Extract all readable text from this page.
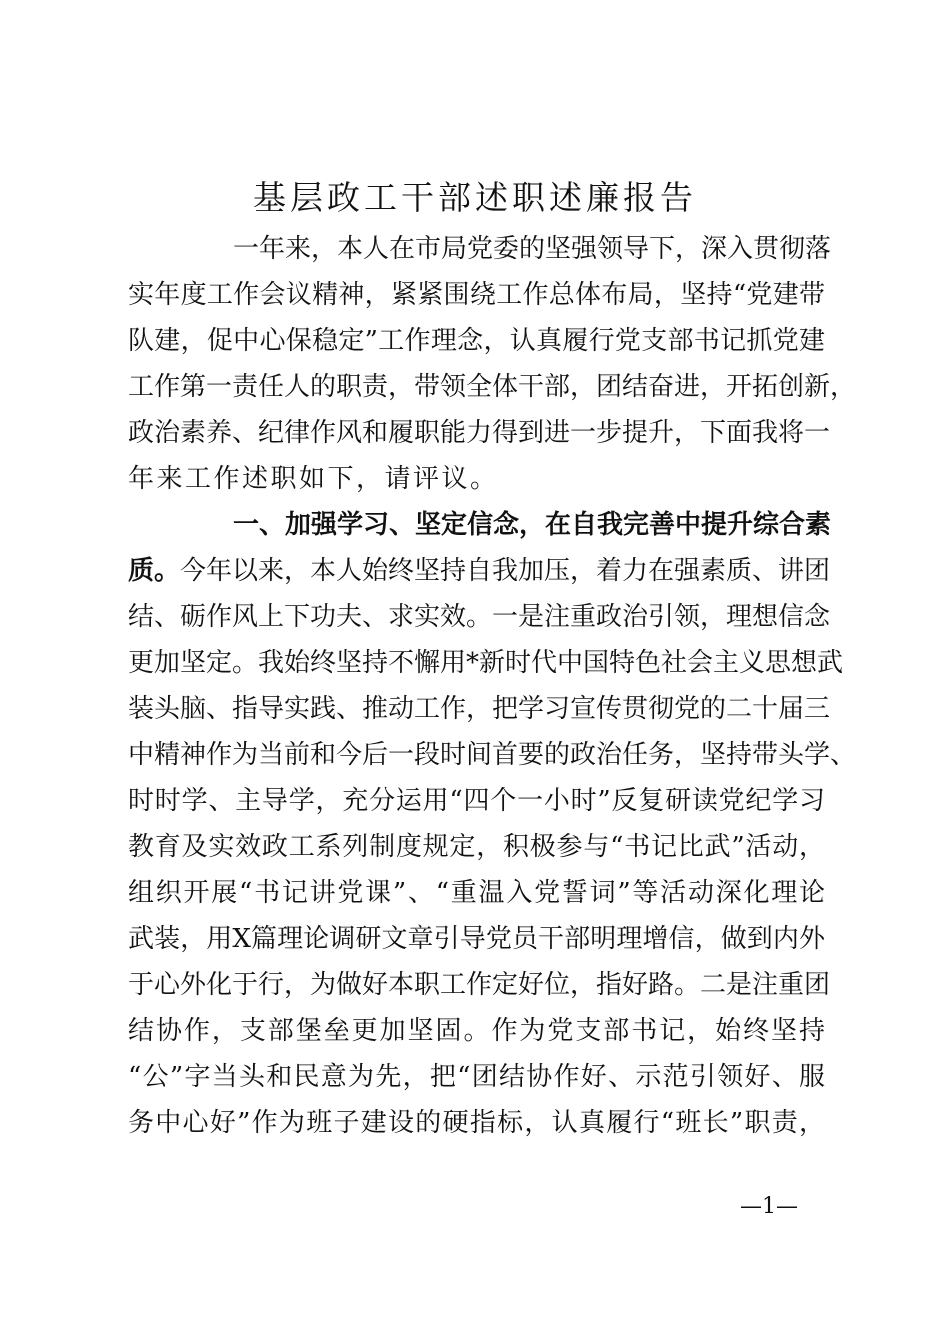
基层政工干部述职述廉报告
一年来，本人在市局党委的坚强领导下，深入贯彻落
实年度工作会议精神，紧紧围绕工作总体布局，坚持“党建带
队建，促中心保稳定”工作理念，认真履行党支部书记抓党建
工作第一责任人的职责，带领全体干部，团结奋进，开拓创新，
政治素养、纪律作风和履职能力得到进一步提升，下面我将一
年来工作述职如下，请评议。
一、加强学习、坚定信念，在自我完善中提升综合素
质。今年以来，本人始终坚持自我加压，着力在强素质、讲团
结、砺作风上下功夫、求实效。一是注重政治引领，理想信念
更加坚定。我始终坚持不懈用*新时代中国特色社会主义思想武
装头脑、指导实践、推动工作，把学习宣传贯彻党的二十届三
中精神作为当前和今后一段时间首要的政治任务，坚持带头学、
时时学、主导学，充分运用“四个一小时”反复研读党纪学习
教育及实效政工系列制度规定，积极参与“书记比武”活动，
组织开展“书记讲党课”、“重温入党誓词”等活动深化理论
武装，用X篇理论调研文章引导党员干部明理增信，做到内外
于心外化于行，为做好本职工作定好位，指好路。二是注重团
结协作，支部堡垒更加坚固。作为党支部书记，始终坚持
“公”字当头和民意为先，把“团结协作好、示范引领好、服
务中心好”作为班子建设的硬指标，认真履行“班长”职责，
—1—
